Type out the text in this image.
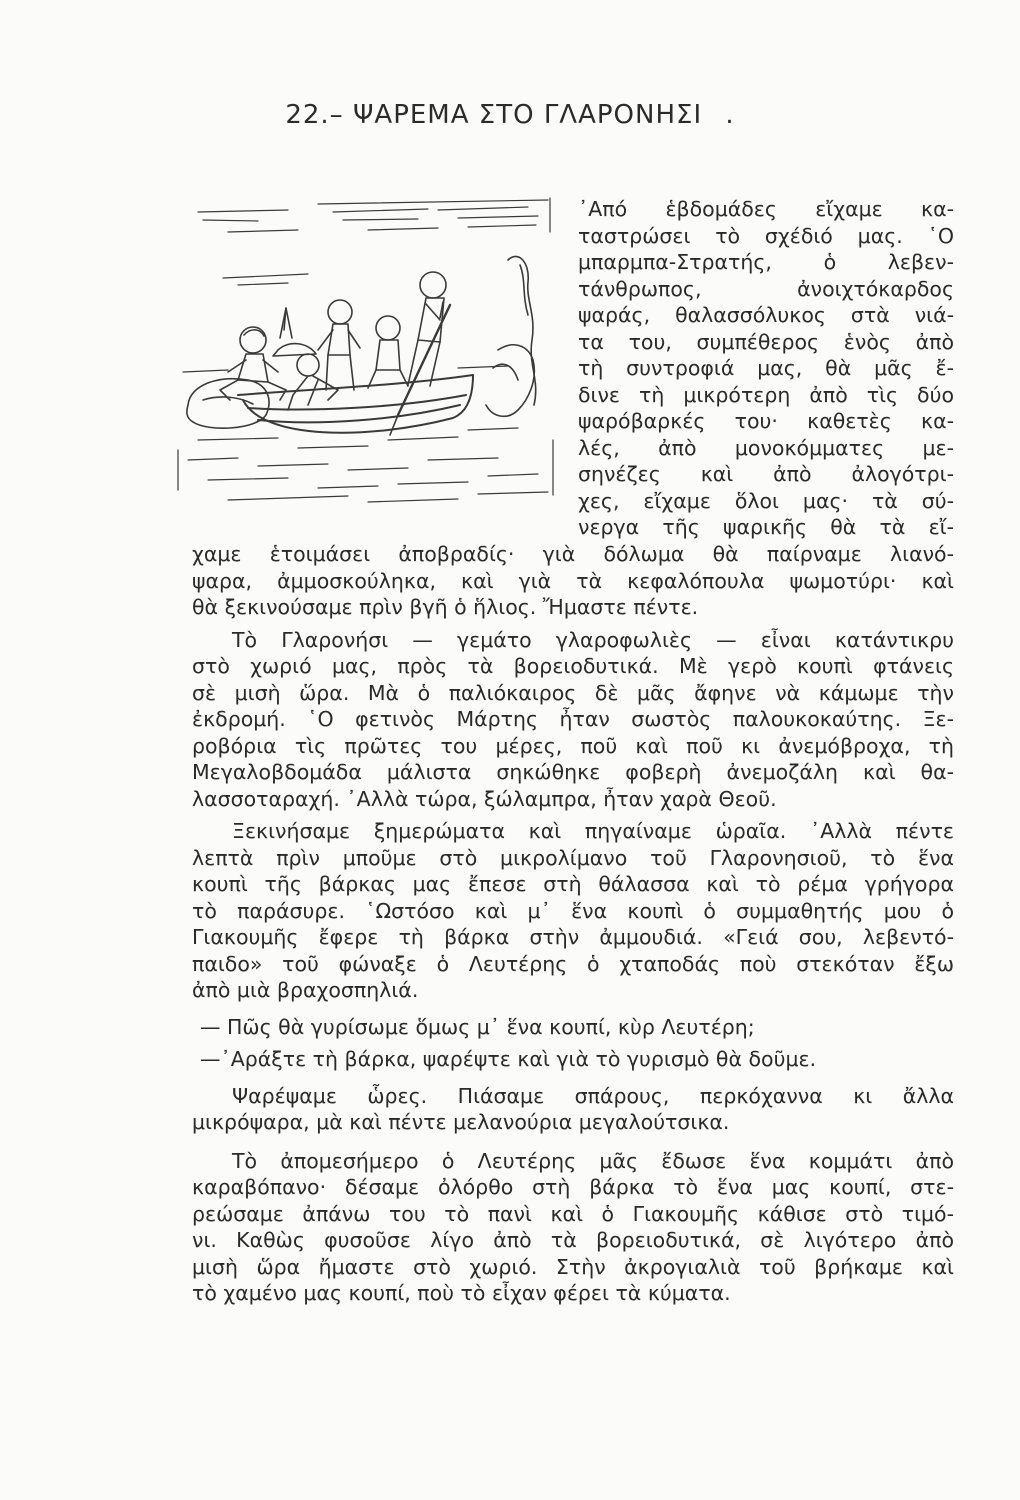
22.– ΨΑΡΕΜΑ ΣΤΟ ΓΛΑΡΟΝΗΣΙ .
᾿Από ἑβδομάδες εἴχαμε κα-
ταστρώσει τὸ σχέδιό μας. ῾Ο
μπαρμπα-Στρατής, ὁ λεβεν-
τάνθρωπος, ἀνοιχτόκαρδος
ψαράς, θαλασσόλυκος στὰ νιά-
τα του, συμπέθερος ἑνὸς ἀπὸ
τὴ συντροφιά μας, θὰ μᾶς ἔ-
δινε τὴ μικρότερη ἀπὸ τὶς δύο
ψαρόβαρκές του· καθετὲς κα-
λές, ἀπὸ μονοκόμματες με-
σηνέζες καὶ ἀπὸ ἀλογότρι-
χες, εἴχαμε ὅλοι μας· τὰ σύ-
νεργα τῆς ψαρικῆς θὰ τὰ εἴ-
χαμε ἑτοιμάσει ἀποβραδίς· γιὰ δόλωμα θὰ παίρναμε λιανό-
ψαρα, ἀμμοσκούληκα, καὶ γιὰ τὰ κεφαλόπουλα ψωμοτύρι· καὶ
θὰ ξεκινούσαμε πρὶν βγῆ ὁ ἥλιος. Ἤμαστε πέντε.
Τὸ Γλαρονήσι — γεμάτο γλαροφωλιὲς — εἶναι κατάντικρυ
στὸ χωριό μας, πρὸς τὰ βορειοδυτικά. Μὲ γερὸ κουπὶ φτάνεις
σὲ μισὴ ὥρα. Μὰ ὁ παλιόκαιρος δὲ μᾶς ἄφηνε νὰ κάμωμε τὴν
ἐκδρομή. ῾Ο φετινὸς Μάρτης ἦταν σωστὸς παλουκοκαύτης. Ξε-
ροβόρια τὶς πρῶτες του μέρες, ποῦ καὶ ποῦ κι ἀνεμόβροχα, τὴ
Μεγαλοβδομάδα μάλιστα σηκώθηκε φοβερὴ ἀνεμοζάλη καὶ θα-
λασσοταραχή. ᾿Αλλὰ τώρα, ξώλαμπρα, ἦταν χαρὰ Θεοῦ.
Ξεκινήσαμε ξημερώματα καὶ πηγαίναμε ὡραῖα. ᾿Αλλὰ πέντε
λεπτὰ πρὶν μποῦμε στὸ μικρολίμανο τοῦ Γλαρονησιοῦ, τὸ ἕνα
κουπὶ τῆς βάρκας μας ἔπεσε στὴ θάλασσα καὶ τὸ ρέμα γρήγορα
τὸ παράσυρε. ῾Ωστόσο καὶ μ᾿ ἕνα κουπὶ ὁ συμμαθητής μου ὁ
Γιακουμῆς ἔφερε τὴ βάρκα στὴν ἀμμουδιά. «Γειά σου, λεβεντό-
παιδο» τοῦ φώναξε ὁ Λευτέρης ὁ χταποδάς ποὺ στεκόταν ἔξω
ἀπὸ μιὰ βραχοσπηλιά.
— Πῶς θὰ γυρίσωμε ὅμως μ᾿ ἕνα κουπί, κὺρ Λευτέρη;
—᾿Αράξτε τὴ βάρκα, ψαρέψτε καὶ γιὰ τὸ γυρισμὸ θὰ δοῦμε.
Ψαρέψαμε ὧρες. Πιάσαμε σπάρους, περκόχαννα κι ἄλλα
μικρόψαρα, μὰ καὶ πέντε μελανούρια μεγαλούτσικα.
Τὸ ἀπομεσήμερο ὁ Λευτέρης μᾶς ἔδωσε ἕνα κομμάτι ἀπὸ
καραβόπανο· δέσαμε ὀλόρθο στὴ βάρκα τὸ ἕνα μας κουπί, στε-
ρεώσαμε ἀπάνω του τὸ πανὶ καὶ ὁ Γιακουμῆς κάθισε στὸ τιμό-
νι. Καθὼς φυσοῦσε λίγο ἀπὸ τὰ βορειοδυτικά, σὲ λιγότερο ἀπὸ
μισὴ ὥρα ἤμαστε στὸ χωριό. Στὴν ἀκρογιαλιὰ τοῦ βρήκαμε καὶ
τὸ χαμένο μας κουπί, ποὺ τὸ εἶχαν φέρει τὰ κύματα.
